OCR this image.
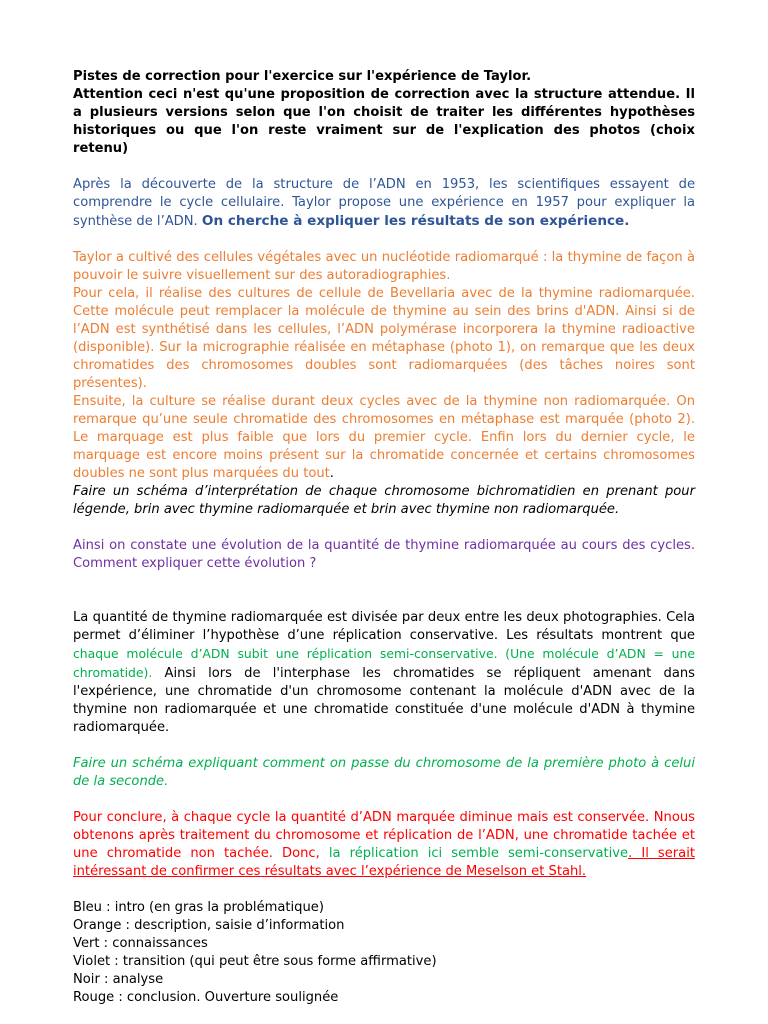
Pistes de correction pour l'exercice sur l'expérience de Taylor.

Attention ceci n'est qu'une proposition de correction avec la structure attendue. Il a plusieurs versions selon que l'on choisit de traiter les différentes hypothèses historiques ou que l'on reste vraiment sur de l'explication des photos (choix retenu)

Après la découverte de la structure de l’ADN en 1953, les scientifiques essayent de comprendre le cycle cellulaire. Taylor propose une expérience en 1957 pour expliquer la synthèse de l’ADN. On cherche à expliquer les résultats de son expérience.

Taylor a cultivé des cellules végétales avec un nucléotide radiomarqué : la thymine de façon à pouvoir le suivre visuellement sur des autoradiographies.

Pour cela, il réalise des cultures de cellule de Bevellaria avec de la thymine radiomarquée. Cette molécule peut remplacer la molécule de thymine au sein des brins d'ADN. Ainsi si de l’ADN est synthétisé dans les cellules, l’ADN polymérase incorporera la thymine radioactive (disponible). Sur la micrographie réalisée en métaphase (photo 1), on remarque que les deux chromatides des chromosomes doubles sont radiomarquées (des tâches noires sont présentes).

Ensuite, la culture se réalise durant deux cycles avec de la thymine non radiomarquée. On remarque qu’une seule chromatide des chromosomes en métaphase est marquée (photo 2). Le marquage est plus faible que lors du premier cycle. Enfin lors du dernier cycle, le marquage est encore moins présent sur la chromatide concernée et certains chromosomes doubles ne sont plus marquées du tout.

Faire un schéma d’interprétation de chaque chromosome bichromatidien en prenant pour légende, brin avec thymine radiomarquée et brin avec thymine non radiomarquée.

Ainsi on constate une évolution de la quantité de thymine radiomarquée au cours des cycles. Comment expliquer cette évolution ?

La quantité de thymine radiomarquée est divisée par deux entre les deux photographies. Cela permet d’éliminer l’hypothèse d’une réplication conservative. Les résultats montrent que chaque molécule d’ADN subit une réplication semi-conservative. (Une molécule d’ADN = une chromatide). Ainsi lors de l'interphase les chromatides se répliquent amenant dans l'expérience, une chromatide d'un chromosome contenant la molécule d'ADN avec de la thymine non radiomarquée et une chromatide constituée d'une molécule d'ADN à thymine radiomarquée.

Faire un schéma expliquant comment on passe du chromosome de la première photo à celui de la seconde.

Pour conclure, à chaque cycle la quantité d’ADN marquée diminue mais est conservée. Nnous obtenons après traitement du chromosome et réplication de l’ADN, une chromatide tachée et une chromatide non tachée. Donc, la réplication ici semble semi-conservative. Il serait intéressant de confirmer ces résultats avec l’expérience de Meselson et Stahl.

Bleu : intro (en gras la problématique)
Orange : description, saisie d’information
Vert : connaissances
Violet : transition (qui peut être sous forme affirmative)
Noir : analyse
Rouge : conclusion. Ouverture soulignée
